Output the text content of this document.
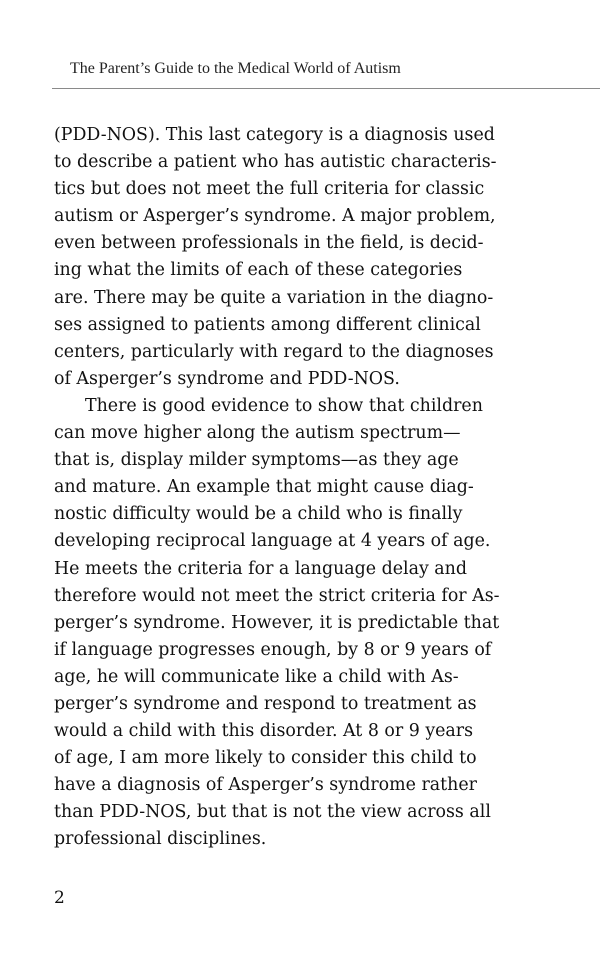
The Parent’s Guide to the Medical World of Autism
(PDD-NOS). This last category is a diagnosis used
to describe a patient who has autistic characteris-
tics but does not meet the full criteria for classic
autism or Asperger’s syndrome. A major problem,
even between professionals in the field, is decid-
ing what the limits of each of these categories
are. There may be quite a variation in the diagno-
ses assigned to patients among different clinical
centers, particularly with regard to the diagnoses
of Asperger’s syndrome and PDD-NOS.
There is good evidence to show that children
can move higher along the autism spectrum—
that is, display milder symptoms—as they age
and mature. An example that might cause diag-
nostic difficulty would be a child who is finally
developing reciprocal language at 4 years of age.
He meets the criteria for a language delay and
therefore would not meet the strict criteria for As-
perger’s syndrome. However, it is predictable that
if language progresses enough, by 8 or 9 years of
age, he will communicate like a child with As-
perger’s syndrome and respond to treatment as
would a child with this disorder. At 8 or 9 years
of age, I am more likely to consider this child to
have a diagnosis of Asperger’s syndrome rather
than PDD-NOS, but that is not the view across all
professional disciplines.
2
